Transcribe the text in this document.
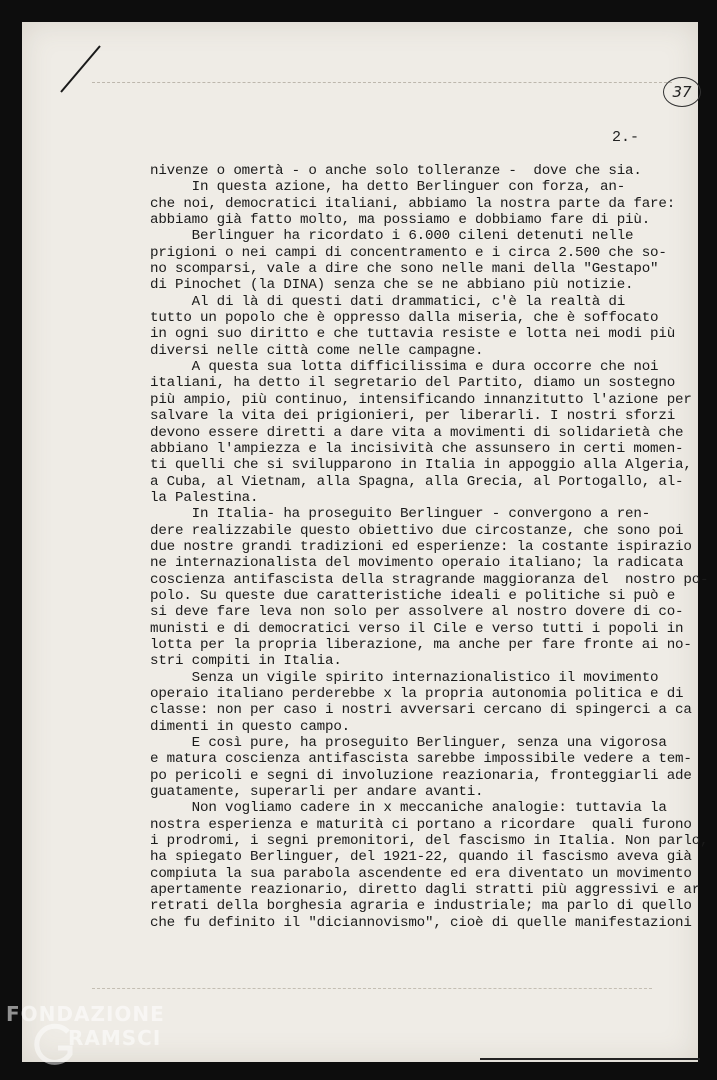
37
2.-
nivenze o omertà - o anche solo tolleranze -  dove che sia.
In questa azione, ha detto Berlinguer con forza, an-
che noi, democratici italiani, abbiamo la nostra parte da fare:
abbiamo già fatto molto, ma possiamo e dobbiamo fare di più.
Berlinguer ha ricordato i 6.000 cileni detenuti nelle
prigioni o nei campi di concentramento e i circa 2.500 che so-
no scomparsi, vale a dire che sono nelle mani della "Gestapo"
di Pinochet (la DINA) senza che se ne abbiano più notizie.
Al di là di questi dati drammatici, c'è la realtà di
tutto un popolo che è oppresso dalla miseria, che è soffocato
in ogni suo diritto e che tuttavia resiste e lotta nei modi più
diversi nelle città come nelle campagne.
A questa sua lotta difficilissima e dura occorre che noi
italiani, ha detto il segretario del Partito, diamo un sostegno
più ampio, più continuo, intensificando innanzitutto l'azione per
salvare la vita dei prigionieri, per liberarli. I nostri sforzi
devono essere diretti a dare vita a movimenti di solidarietà che
abbiano l'ampiezza e la incisività che assunsero in certi momen-
ti quelli che si svilupparono in Italia in appoggio alla Algeria,
a Cuba, al Vietnam, alla Spagna, alla Grecia, al Portogallo, al-
la Palestina.
In Italia- ha proseguito Berlinguer - convergono a ren-
dere realizzabile questo obiettivo due circostanze, che sono poi
due nostre grandi tradizioni ed esperienze: la costante ispirazio
ne internazionalista del movimento operaio italiano; la radicata
coscienza antifascista della stragrande maggioranza del  nostro po-
polo. Su queste due caratteristiche ideali e politiche si può e
si deve fare leva non solo per assolvere al nostro dovere di co-
munisti e di democratici verso il Cile e verso tutti i popoli in
lotta per la propria liberazione, ma anche per fare fronte ai no-
stri compiti in Italia.
Senza un vigile spirito internazionalistico il movimento
operaio italiano perderebbe x la propria autonomia politica e di
classe: non per caso i nostri avversari cercano di spingerci a ca
dimenti in questo campo.
E così pure, ha proseguito Berlinguer, senza una vigorosa
e matura coscienza antifascista sarebbe impossibile vedere a tem-
po pericoli e segni di involuzione reazionaria, fronteggiarli ade
guatamente, superarli per andare avanti.
Non vogliamo cadere in x meccaniche analogie: tuttavia la
nostra esperienza e maturità ci portano a ricordare  quali furono
i prodromi, i segni premonitori, del fascismo in Italia. Non parlo,
ha spiegato Berlinguer, del 1921-22, quando il fascismo aveva già
compiuta la sua parabola ascendente ed era diventato un movimento
apertamente reazionario, diretto dagli stratti più aggressivi e ar
retrati della borghesia agraria e industriale; ma parlo di quello
che fu definito il "diciannovismo", cioè di quelle manifestazioni
FONDAZIONE
RAMSCI
